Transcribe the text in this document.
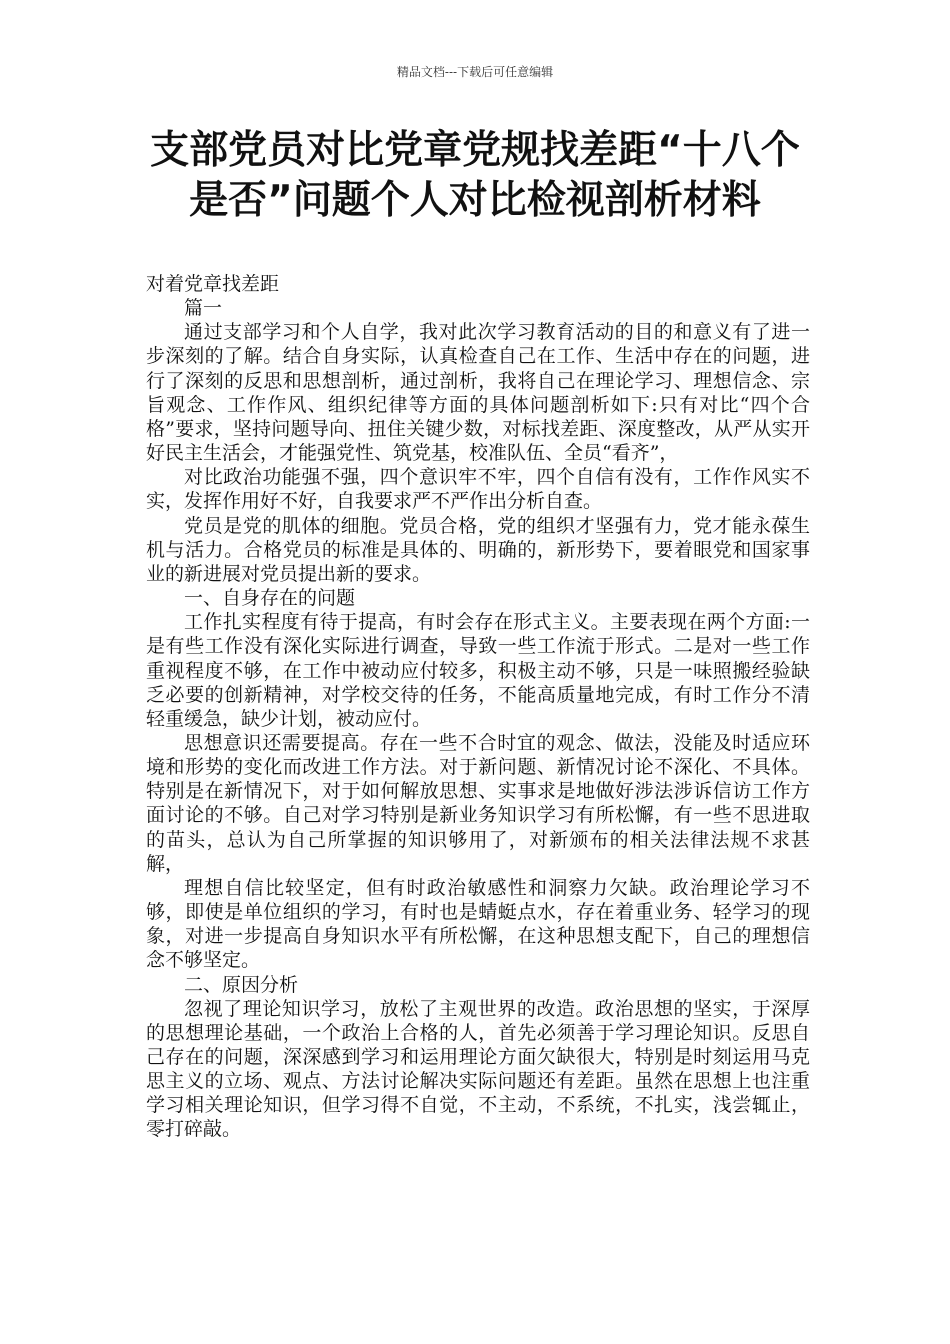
精品文档---下载后可任意编辑
支部党员对比党章党规找差距“十八个
是否”问题个人对比检视剖析材料

对着党章找差距

篇一

通过支部学习和个人自学，我对此次学习教育活动的目的和意义有了进一步深刻的了解。结合自身实际，认真检查自己在工作、生活中存在的问题，进行了深刻的反思和思想剖析，通过剖析，我将自己在理论学习、理想信念、宗旨观念、工作作风、组织纪律等方面的具体问题剖析如下:只有对比“四个合格”要求，坚持问题导向、扭住关键少数，对标找差距、深度整改，从严从实开好民主生活会，才能强党性、筑党基，校准队伍、全员“看齐”，

对比政治功能强不强，四个意识牢不牢，四个自信有没有，工作作风实不实，发挥作用好不好，自我要求严不严作出分析自查。

党员是党的肌体的细胞。党员合格，党的组织才坚强有力，党才能永葆生机与活力。合格党员的标准是具体的、明确的，新形势下，要着眼党和国家事业的新进展对党员提出新的要求。

一、自身存在的问题

工作扎实程度有待于提高，有时会存在形式主义。主要表现在两个方面:一是有些工作没有深化实际进行调查，导致一些工作流于形式。二是对一些工作重视程度不够，在工作中被动应付较多，积极主动不够，只是一味照搬经验缺乏必要的创新精神，对学校交待的任务，不能高质量地完成，有时工作分不清轻重缓急，缺少计划，被动应付。

思想意识还需要提高。存在一些不合时宜的观念、做法，没能及时适应环境和形势的变化而改进工作方法。对于新问题、新情况讨论不深化、不具体。特别是在新情况下，对于如何解放思想、实事求是地做好涉法涉诉信访工作方面讨论的不够。自己对学习特别是新业务知识学习有所松懈，有一些不思进取的苗头，总认为自己所掌握的知识够用了，对新颁布的相关法律法规不求甚解，

理想自信比较坚定，但有时政治敏感性和洞察力欠缺。政治理论学习不够，即使是单位组织的学习，有时也是蜻蜓点水，存在着重业务、轻学习的现象，对进一步提高自身知识水平有所松懈，在这种思想支配下，自己的理想信念不够坚定。

二、原因分析

忽视了理论知识学习，放松了主观世界的改造。政治思想的坚实，于深厚的思想理论基础，一个政治上合格的人，首先必须善于学习理论知识。反思自己存在的问题，深深感到学习和运用理论方面欠缺很大，特别是时刻运用马克思主义的立场、观点、方法讨论解决实际问题还有差距。虽然在思想上也注重学习相关理论知识，但学习得不自觉，不主动，不系统，不扎实，浅尝辄止，零打碎敲。
